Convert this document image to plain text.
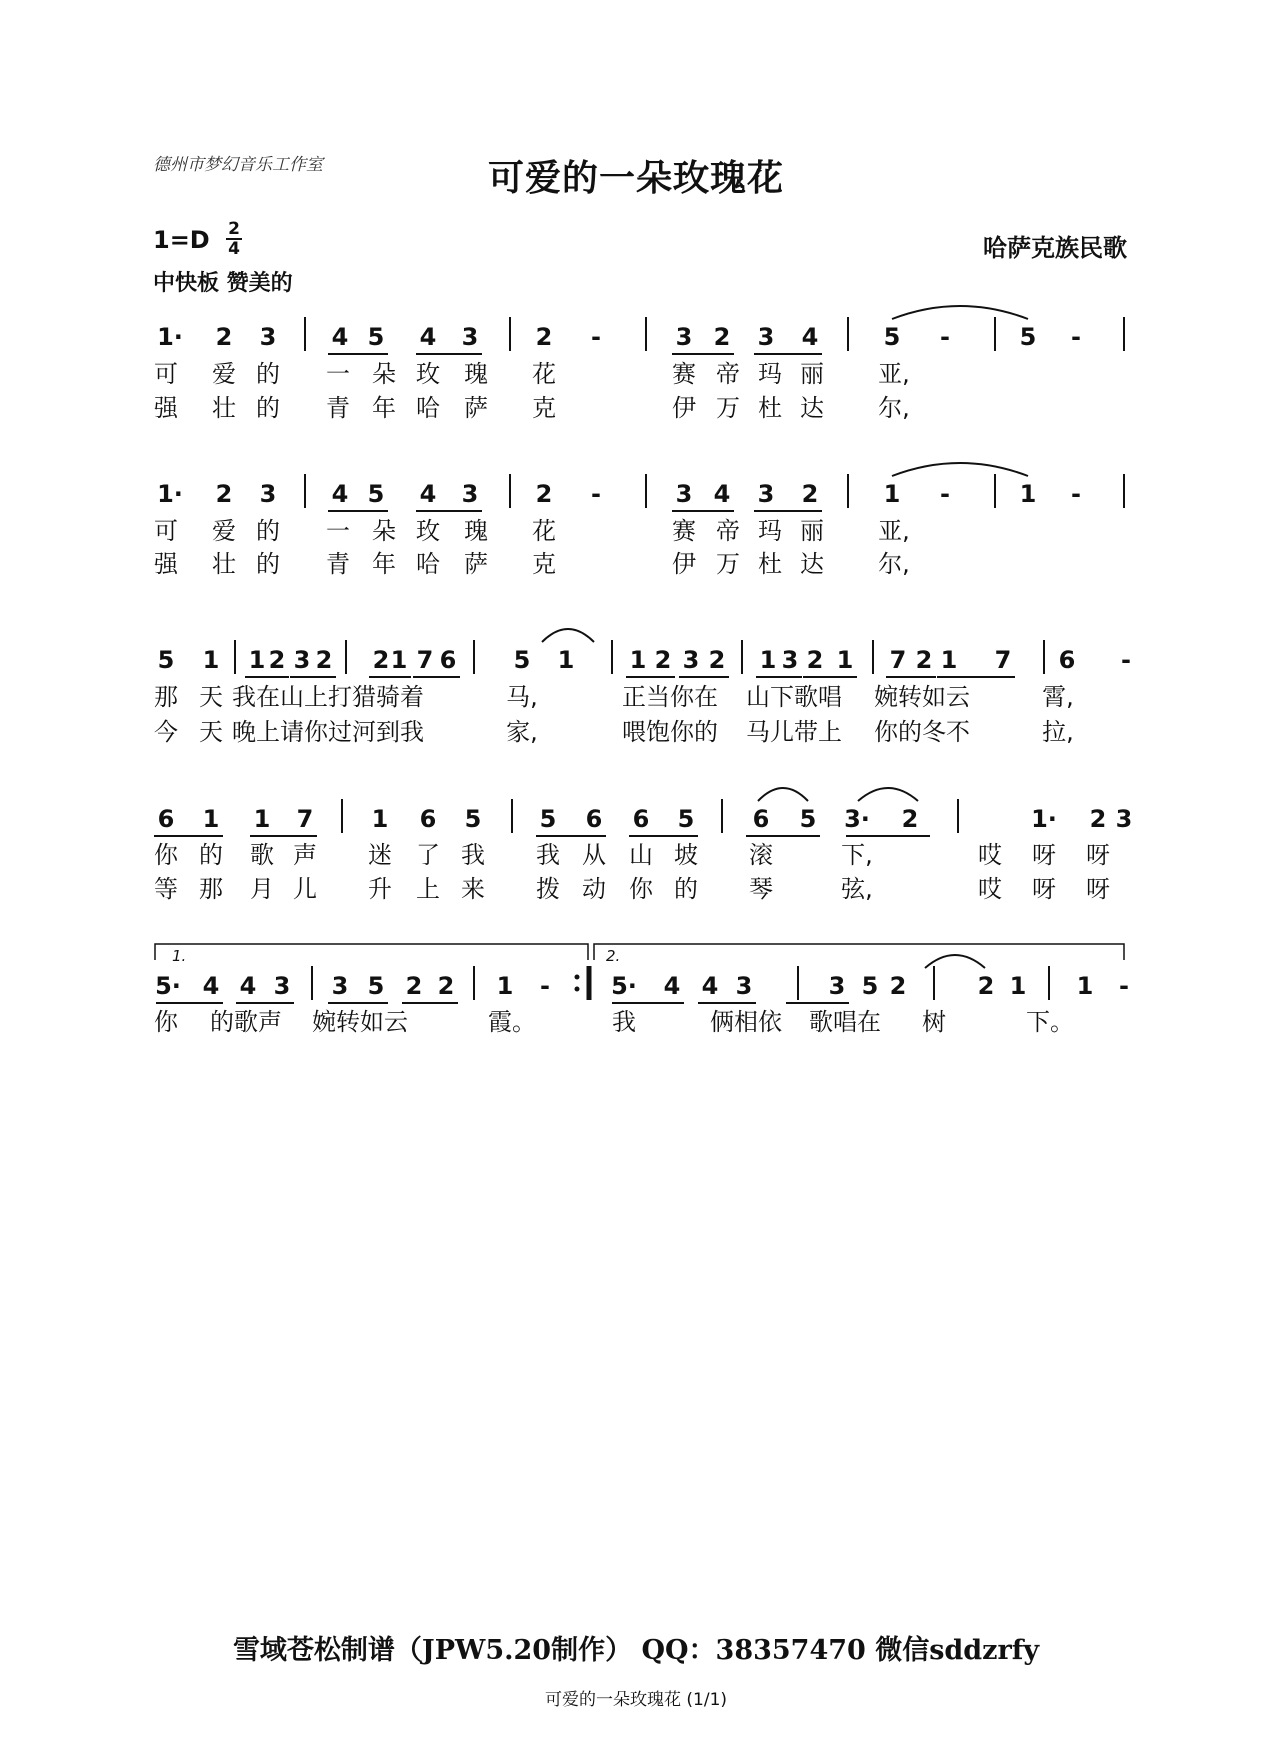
德州市梦幻音乐工作室	可爱的一朵玫瑰花
$1=D \frac{2}{4}$
中快板 赞美的
哈萨克族民歌
1· 2 3 4 5 4 3 2 -	3 2 3 4	5 -	5 -
可 爱 的 一 朵 玫 瑰 花	赛 帝 玛 丽 亚,
强 壮 的 青 年 哈 萨 克	伊 万 杜 达 尔,
1· 2 3 4 5 4 3 2 -	3 4 3 2	1 -	1 -
可 爱 的 一 朵 玫 瑰 花	赛 帝 玛 丽 亚,
强 壮 的 青 年 哈 萨 克	伊 万 杜 达 尔,
5 1 1 2 3 2 2 1 7 6 5 1 1 2 3 2 1 3 2 1 7 2 1 7 6 -
那 天 我在山上 打猎骑着	马,	正当你在 山下歌唱 婉转如云	霄,
今 天 晚上请你 过河到我	家,	喂饱你的 马儿带上 你的冬不	拉,
6 1 1 7 1 6 5 5 6 6 5 6 5 3· 2	1· 2 3
你 的 歌 声 迷 了 我 我 从 山 坡 滚	下,	哎 呀 呀
等 那 月 儿 升 上 来 拨 动 你 的 琴	弦,	哎 呀 呀
5· 4 4 3 3 5 2 2 1 -	5· 4 4 3	3 5 2	2 1 1 -
你 的歌声 婉转如云	霞。	我	俩相依 歌唱在 树	下。
1.	2.
雪域苍松制谱（JPW5.20制作） QQ：38357470 微信sddzrfy
可爱的一朵玫瑰花 (1/1)
